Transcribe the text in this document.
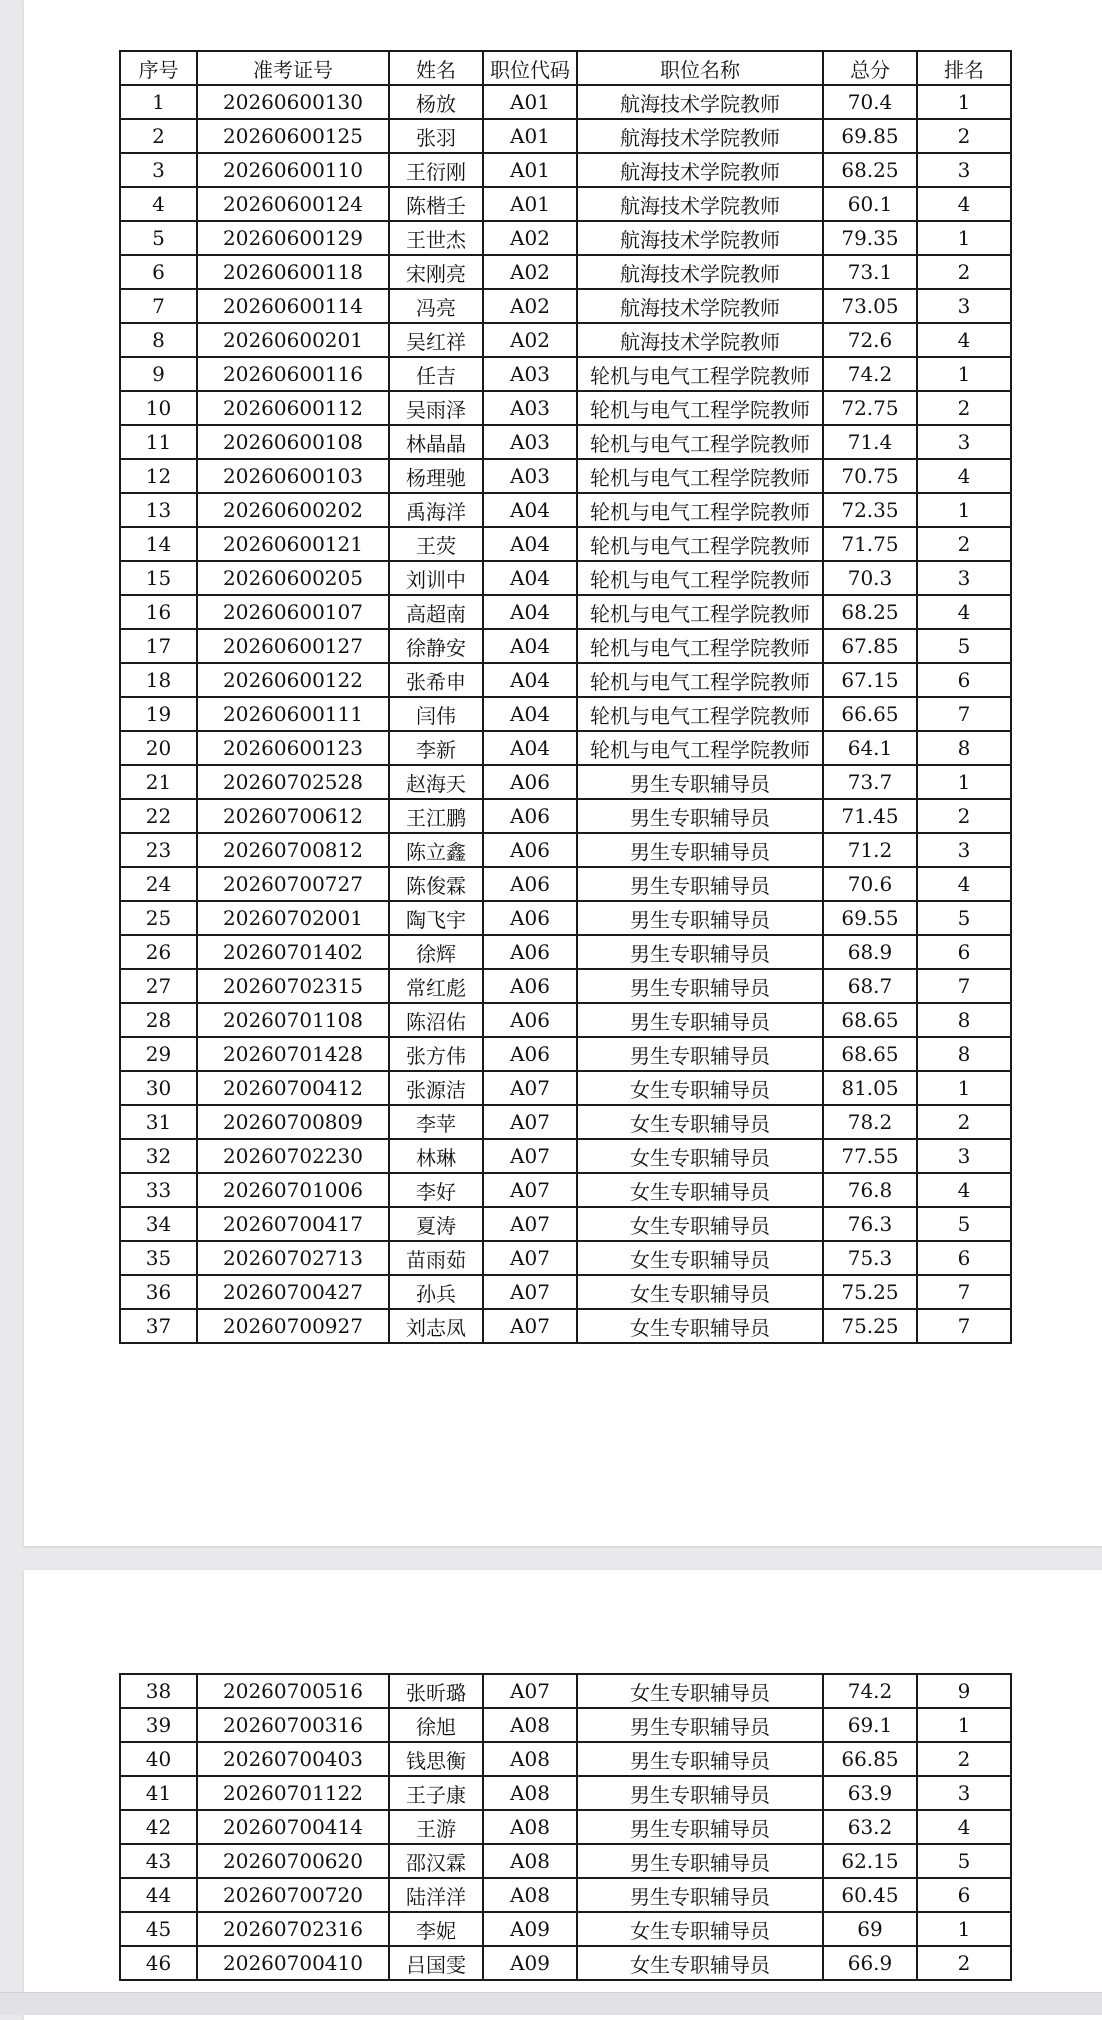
序号	准考证号	姓名	职位代码	职位名称	总分	排名
1	20260600130	杨放	A01	航海技术学院教师	70.4	1
2	20260600125	张羽	A01	航海技术学院教师	69.85	2
3	20260600110	王衍刚	A01	航海技术学院教师	68.25	3
4	20260600124	陈楷壬	A01	航海技术学院教师	60.1	4
5	20260600129	王世杰	A02	航海技术学院教师	79.35	1
6	20260600118	宋刚亮	A02	航海技术学院教师	73.1	2
7	20260600114	冯亮	A02	航海技术学院教师	73.05	3
8	20260600201	吴红祥	A02	航海技术学院教师	72.6	4
9	20260600116	任吉	A03	轮机与电气工程学院教师	74.2	1
10	20260600112	吴雨泽	A03	轮机与电气工程学院教师	72.75	2
11	20260600108	林晶晶	A03	轮机与电气工程学院教师	71.4	3
12	20260600103	杨理驰	A03	轮机与电气工程学院教师	70.75	4
13	20260600202	禹海洋	A04	轮机与电气工程学院教师	72.35	1
14	20260600121	王荧	A04	轮机与电气工程学院教师	71.75	2
15	20260600205	刘训中	A04	轮机与电气工程学院教师	70.3	3
16	20260600107	高超南	A04	轮机与电气工程学院教师	68.25	4
17	20260600127	徐静安	A04	轮机与电气工程学院教师	67.85	5
18	20260600122	张希申	A04	轮机与电气工程学院教师	67.15	6
19	20260600111	闫伟	A04	轮机与电气工程学院教师	66.65	7
20	20260600123	李新	A04	轮机与电气工程学院教师	64.1	8
21	20260702528	赵海天	A06	男生专职辅导员	73.7	1
22	20260700612	王江鹏	A06	男生专职辅导员	71.45	2
23	20260700812	陈立鑫	A06	男生专职辅导员	71.2	3
24	20260700727	陈俊霖	A06	男生专职辅导员	70.6	4
25	20260702001	陶飞宇	A06	男生专职辅导员	69.55	5
26	20260701402	徐辉	A06	男生专职辅导员	68.9	6
27	20260702315	常红彪	A06	男生专职辅导员	68.7	7
28	20260701108	陈沼佑	A06	男生专职辅导员	68.65	8
29	20260701428	张方伟	A06	男生专职辅导员	68.65	8
30	20260700412	张源洁	A07	女生专职辅导员	81.05	1
31	20260700809	李苹	A07	女生专职辅导员	78.2	2
32	20260702230	林琳	A07	女生专职辅导员	77.55	3
33	20260701006	李好	A07	女生专职辅导员	76.8	4
34	20260700417	夏涛	A07	女生专职辅导员	76.3	5
35	20260702713	苗雨茹	A07	女生专职辅导员	75.3	6
36	20260700427	孙兵	A07	女生专职辅导员	75.25	7
37	20260700927	刘志凤	A07	女生专职辅导员	75.25	7
38	20260700516	张昕璐	A07	女生专职辅导员	74.2	9
39	20260700316	徐旭	A08	男生专职辅导员	69.1	1
40	20260700403	钱思衡	A08	男生专职辅导员	66.85	2
41	20260701122	王子康	A08	男生专职辅导员	63.9	3
42	20260700414	王游	A08	男生专职辅导员	63.2	4
43	20260700620	邵汉霖	A08	男生专职辅导员	62.15	5
44	20260700720	陆洋洋	A08	男生专职辅导员	60.45	6
45	20260702316	李妮	A09	女生专职辅导员	69	1
46	20260700410	吕国雯	A09	女生专职辅导员	66.9	2
